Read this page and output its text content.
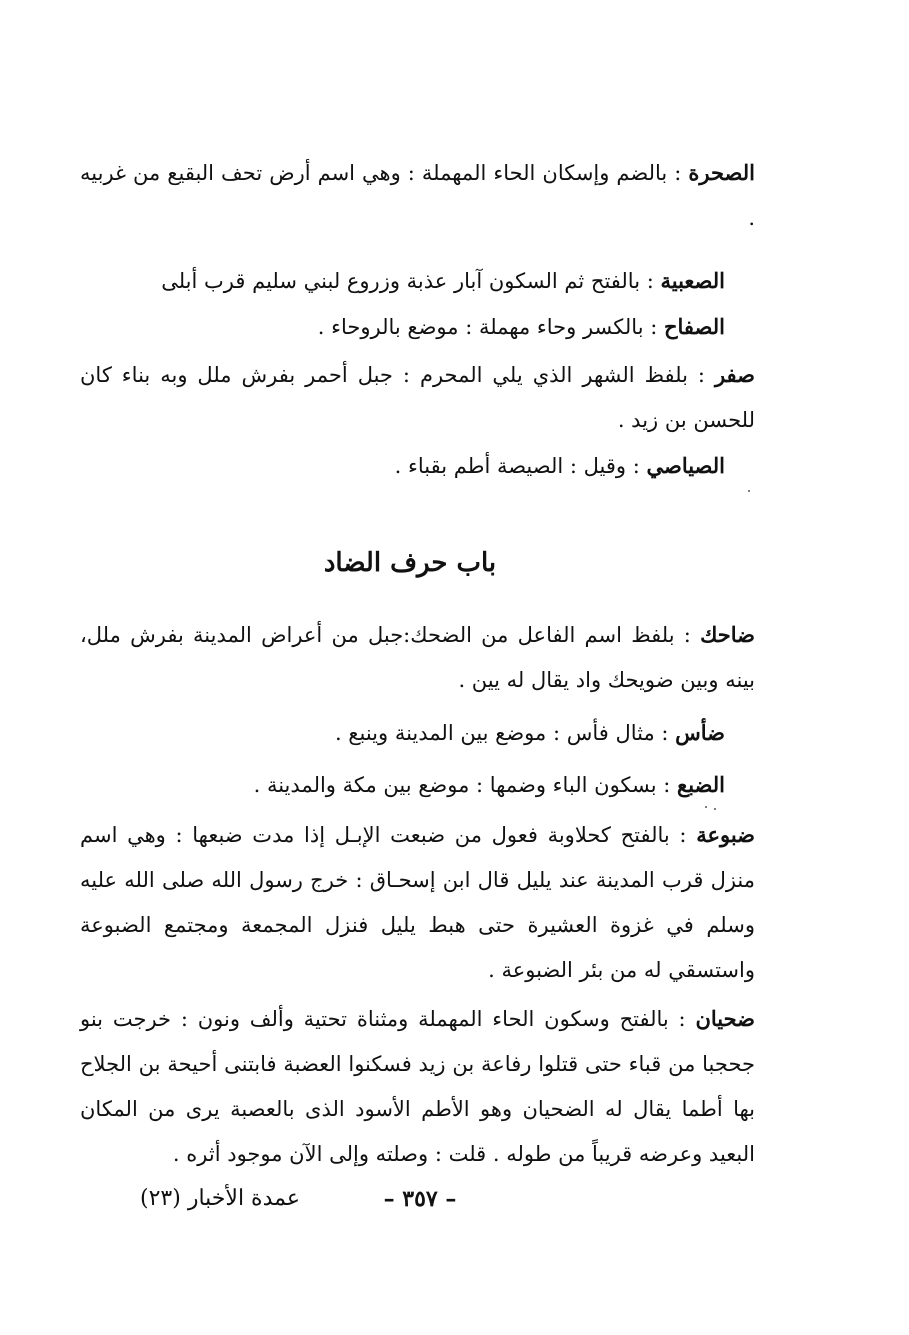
الصحرة : بالضم وإسكان الحاء المهملة : وهي اسم أرض تحف البقيع من غربيه .

الصعبية : بالفتح ثم السكون آبار عذبة وزروع لبني سليم قرب أبلى

الصفاح : بالكسر وحاء مهملة : موضع بالروحاء .

صفر : بلفظ الشهر الذي يلي المحرم : جبل أحمر بفرش ملل وبه بناء كان للحسن بن زيد .

الصياصي : وقيل : الصيصة أطم بقباء .

باب حرف الضاد

ضاحك : بلفظ اسم الفاعل من الضحك:جبل من أعراض المدينة بفرش ملل، بينه وبين ضويحك واد يقال له يين .

ضأس : مثال فأس : موضع بين المدينة وينبع .

الضبع : بسكون الباء وضمها : موضع بين مكة والمدينة .

ضبوعة : بالفتح كحلاوبة فعول من ضبعت الإبـل إذا مدت ضبعها : وهي اسم منزل قرب المدينة عند يليل قال ابن إسحـاق : خرج رسول الله صلى الله عليه وسلم في غزوة العشيرة حتى هبط يليل فنزل المجمعة ومجتمع الضبوعة واستسقي له من بئر الضبوعة .

ضحيان : بالفتح وسكون الحاء المهملة ومثناة تحتية وألف ونون : خرجت بنو جحجبا من قباء حتى قتلوا رفاعة بن زيد فسكنوا العضبة فابتنى أحيحة بن الجلاح بها أطما يقال له الضحيان وهو الأطم الأسود الذى بالعصبة يرى من المكان البعيد وعرضه قريباً من طوله . قلت : وصلته وإلى الآن موجود أثره .

– ٣٥٧ –
عمدة الأخبار (٢٣)
